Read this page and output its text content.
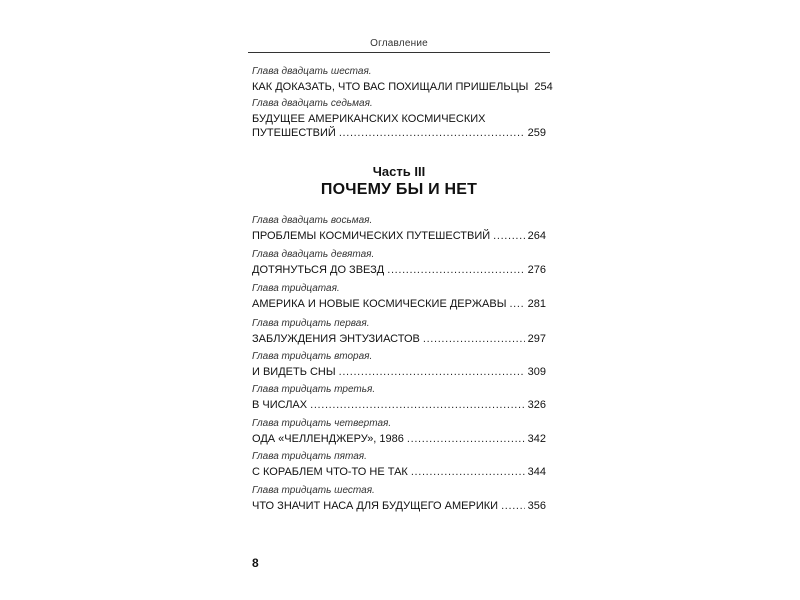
Оглавление
Глава двадцать шестая.
КАК ДОКАЗАТЬ, ЧТО ВАС ПОХИЩАЛИ ПРИШЕЛЬЦЫ 254
Глава двадцать седьмая.
БУДУЩЕЕ АМЕРИКАНСКИХ КОСМИЧЕСКИХ
ПУТЕШЕСТВИЙ . . .	259
Часть III
ПОЧЕМУ БЫ И НЕТ
Глава двадцать восьмая.
ПРОБЛЕМЫ КОСМИЧЕСКИХ ПУТЕШЕСТВИЙ . . .	264
Глава двадцать девятая.
ДОТЯНУТЬСЯ ДО ЗВЕЗД . . .	276
Глава тридцатая.
АМЕРИКА И НОВЫЕ КОСМИЧЕСКИЕ ДЕРЖАВЫ . . . 281
Глава тридцать первая.
ЗАБЛУЖДЕНИЯ ЭНТУЗИАСТОВ . . .	297
Глава тридцать вторая.
И ВИДЕТЬ СНЫ . . .	309
Глава тридцать третья.
В ЧИСЛАХ . . .	326
Глава тридцать четвертая.
ОДА «ЧЕЛЛЕНДЖЕРУ», 1986 . . .	342
Глава тридцать пятая.
С КОРАБЛЕМ ЧТО-ТО НЕ ТАК . . .	344
Глава тридцать шестая.
ЧТО ЗНАЧИТ НАСА ДЛЯ БУДУЩЕГО АМЕРИКИ . . .	356
8
